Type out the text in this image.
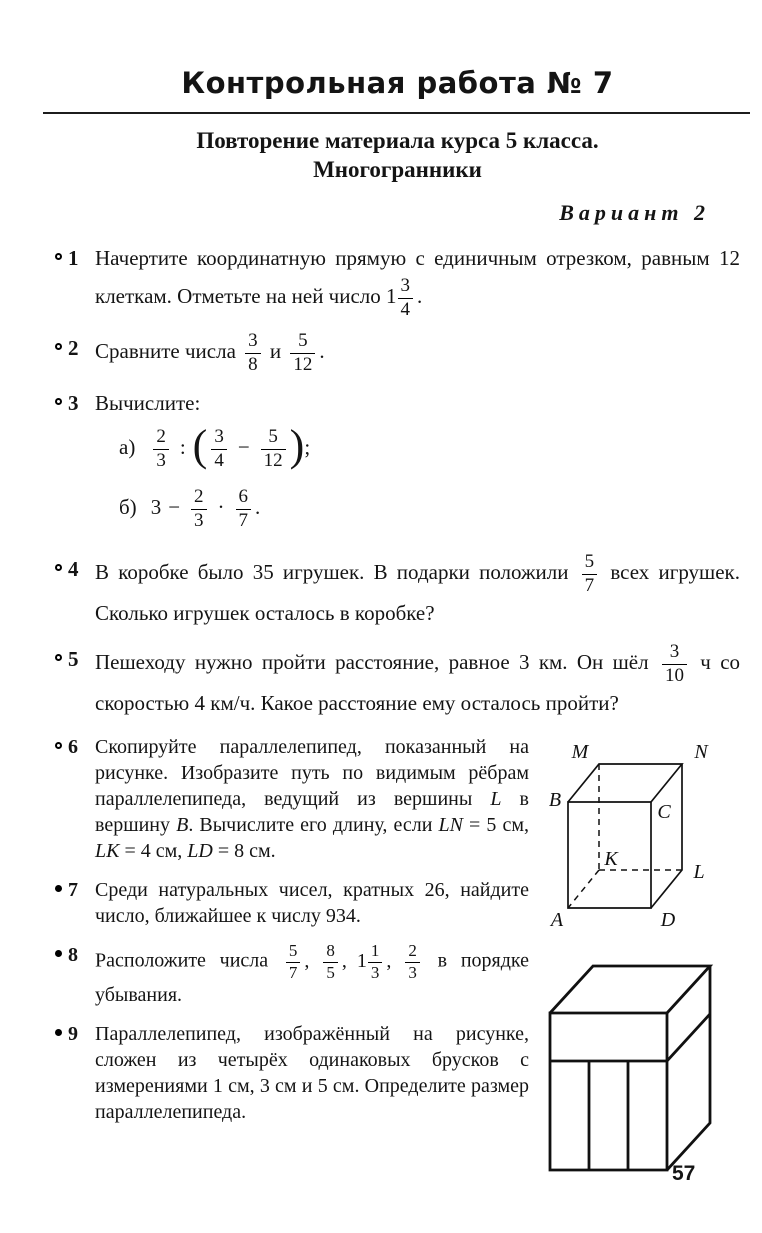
Контрольная работа № 7
Повторение материала курса 5 класса.
Многогранники
Вариант 2
1 Начертите координатную прямую с единичным отрезком, равным 12 клеткам. Отметьте на ней число $1 \frac{3}{4}$ .
2 Сравните числа $\frac{3}{8}$ и $\frac{5}{12}$ .
3 Вычислите:
$а) \frac{2}{3}$ : ( $\frac{3}{4} - \frac{5}{12}$ );
б) $3 - \frac{2}{3} \cdot \frac{6}{7}$ .
4 В коробке было 35 игрушек. В подарки положили $\frac{5}{7}$ всех игрушек. Сколько игрушек осталось в коробке?
5 Пешеходу нужно пройти расстояние, равное 3 км. Он шёл $\frac{3}{10}$ ч со скоростью 4 км/ч. Какое расстояние ему осталось пройти?
6 Скопируйте параллелепипед, показанный на рисунке. Изобразите путь по видимым рёбрам параллелепипеда, ведущий из вершины L в вершину B. Вычислите его длину, если LN = 5 см, LK = 4 см, LD = 8 см.
7 Среди натуральных чисел, кратных 26, найдите число, ближайшее к числу 934.
8 Расположите числа $\frac{5}{7}$ , $\frac{8}{5}$ , $1 \frac{1}{3}$ , $\frac{2}{3}$ в порядке убывания.
9 Параллелепипед, изображённый на рисунке, сложен из четырёх одинаковых брусков с измерениями 1 см, 3 см и 5 см. Определите размер параллелепипеда.
M	N
B
C
K
L
A	D
57
